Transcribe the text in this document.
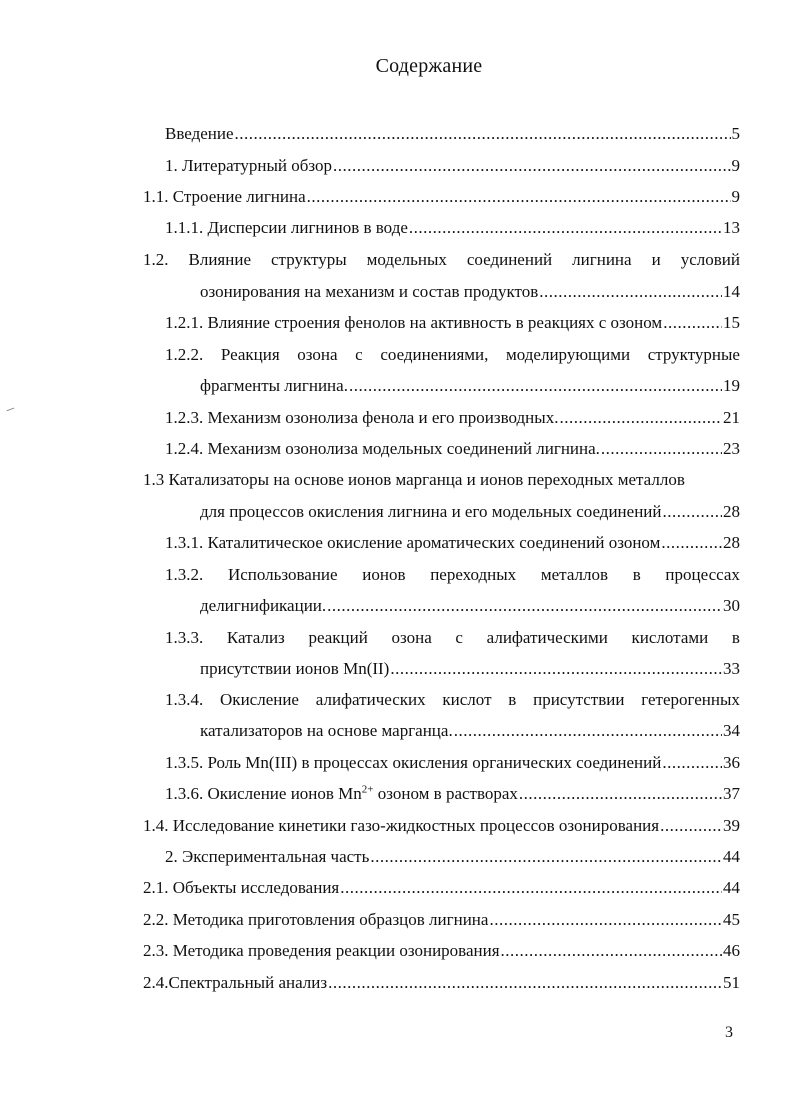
Содержание
Введение .....	5
1. Литературный обзор .....	9
1.1. Строение лигнина .....	9
1.1.1. Дисперсии лигнинов в воде .....	13
1.2. Влияние структуры модельных соединений лигнина и условий
озонирования на механизм и состав продуктов .....	14
1.2.1. Влияние строения фенолов на активность в реакциях с озоном .....	15
1.2.2. Реакция озона с соединениями, моделирующими структурные
фрагменты лигнина. .....	19
1.2.3. Механизм озонолиза фенола и его производных. .....	21
1.2.4. Механизм озонолиза модельных соединений лигнина. .....	23
1.3 Катализаторы на основе ионов марганца и ионов переходных металлов
для процессов окисления лигнина и его модельных соединений .....	28
1.3.1. Каталитическое окисление ароматических соединений озоном .....	28
1.3.2. Использование ионов переходных металлов в процессах
делигнификации. .....	30
1.3.3. Катализ реакций озона с алифатическими кислотами в
присутствии ионов Mn(II) .....	33
1.3.4. Окисление алифатических кислот в присутствии гетерогенных
катализаторов на основе марганца. .....	34
1.3.5. Роль Mn(III) в процессах окисления органических соединений .....	36
1.3.6. Окисление ионов $Mn^{2+}$ озоном в растворах .....	37
1.4. Исследование кинетики газо-жидкостных процессов озонирования .....	39
2. Экспериментальная часть .....	44
2.1. Объекты исследования .....	44
2.2. Методика приготовления образцов лигнина .....	45
2.3. Методика проведения реакции озонирования .....	46
2.4.Спектральный анализ .....	51
3
